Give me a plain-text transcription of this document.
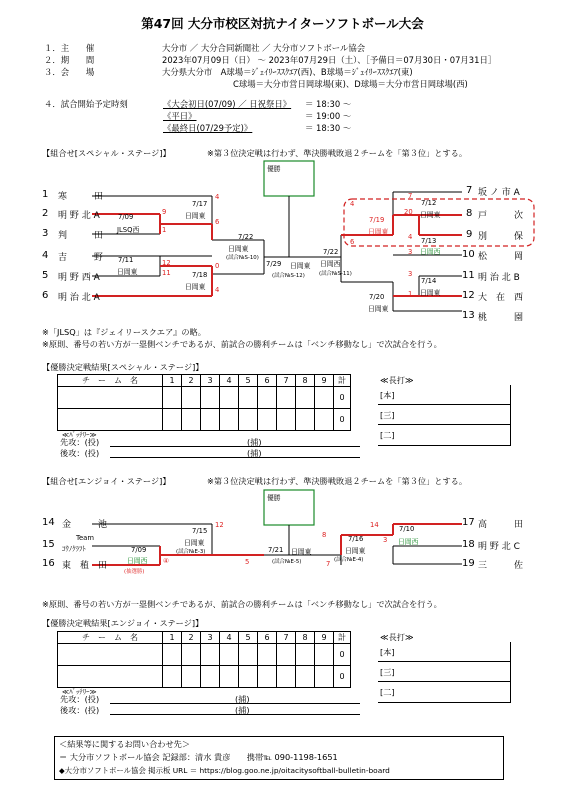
第47回 大分市校区対抗ナイターソフトボール大会
１．主　　催	大分市 ／ 大分合同新聞社 ／ 大分市ソフトボール協会
２．期　　間	2023年07月09日（日） ～ 2023年07月29日（土）、［予備日＝07月30日・07月31日］
３．会　　場	大分県大分市　A球場＝ｼﾞｪｲﾘｰｽｽｸｴｱ(西)、B球場＝ｼﾞｪｲﾘｰｽｽｸｴｱ(東)
C球場＝大分市営日岡球場(東)、D球場＝大分市営日岡球場(西)
４．試合開始予定時刻	《大会初日(07/09) ／ 日祝祭日》 ＝ 18:30 ～
《平日》	＝ 19:00 ～
《最終日(07/29予定)》	＝ 18:30 ～
【組合せ[スペシャル・ステージ]】	※第３位決定戦は行わず、準決勝戦敗退２チームを「第３位」とする。
優勝
優勝
1 寒　　　田
2 明 野 北 A
3 判　　　田
4 吉　　　野
5 明 野 西 A
6 明 治 北 A
7 坂 ノ 市 A
8 戸　　　次
9 別　　　保
10 松　　　岡
11 明 治 北 B
12 大　在　西
13 桃　　　園
7/09
JLSQ西
9
1
7/11
日岡東
12
11
7/17
日岡東
4
6
7/18
日岡東
0
4
7/22
日岡東
(試合№S-10)
7/29 日岡東
(試合№S-12)
7/12
日岡東
7
20
7/13
日岡西
4
3
7/19
日岡東
4
6
7/14
日岡東
3
1
7/20
日岡東
7/22
日岡西
(試合№S-11)
※「JLSQ」は『ジェイリースクエア』の略。
※原則、番号の若い方が一塁側ベンチであるが、前試合の勝利チームは「ベンチ移動なし」で次試合を行う。
【優勝決定戦結果[スペシャル・ステージ]】
チ　ー　ム　名	1	2	3	4	5	6	7	8	9	計
										0
										0
≪ﾊﾞｯﾃﾘｰ≫
先攻：(投)	(捕)
後攻：(投)	(捕)
≪長打≫
[本]
[三]
[二]
【組合せ[エンジョイ・ステージ]】	※第３位決定戦は行わず、準決勝戦敗退２チームを「第３位」とする。
14 金　　　池
15
Team
ｺｳﾉｸﾗﾌﾄ
16 東　稙　田
17 高　　　田
18 明 野 北 C
19 三　　　佐
7/09
日岡西 ④
(抽選勝)
7/15
日岡東
(試合№E-3)
12
7/21 日岡東
(試合№E-5)
5	7
7/10
日岡西
14
3
7/16
日岡東
(試合№E-4)
8
※原則、番号の若い方が一塁側ベンチであるが、前試合の勝利チームは「ベンチ移動なし」で次試合を行う。
【優勝決定戦結果[エンジョイ・ステージ]】
チ　ー　ム　名	1	2	3	4	5	6	7	8	9	計
										0
										0
≪ﾊﾞｯﾃﾘｰ≫
先攻：(投)	(捕)
後攻：(投)	(捕)
≪長打≫
[本]
[三]
[二]
＜結果等に関するお問い合わせ先＞
＝ 大分市ソフトボール協会 記録部：清水 貴彦　　携帯℡ 090-1198-1651
◆大分市ソフトボール協会 掲示板 URL ＝ https://blog.goo.ne.jp/oitacitysoftball-bulletin-board
